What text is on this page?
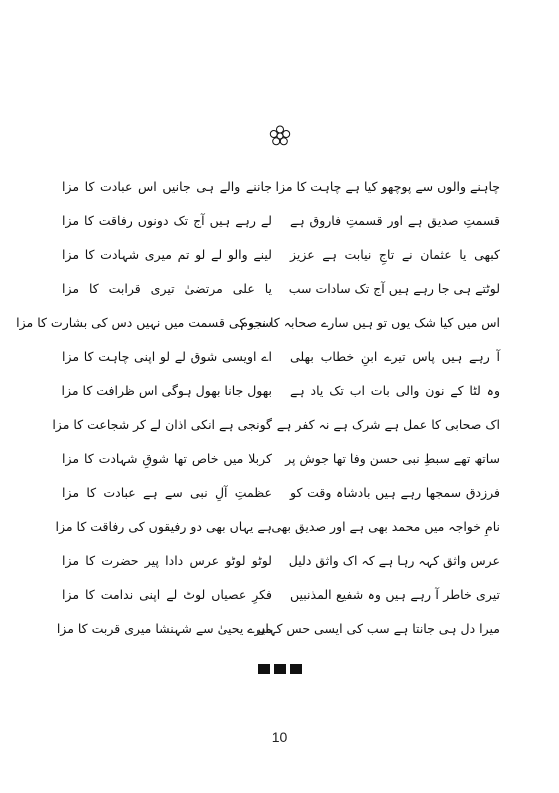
چاہنے والوں سے پوچھو کیا ہے چاہت کا مزا
قسمتِ صدیق ہے اور قسمتِ فاروق ہے
کبھی یا عثمان نے تاجِ نیابت ہے عزیز
لوٹتے ہی جا رہے ہیں آج تک سادات سب
اس میں کیا شک یوں تو ہیں سارے صحابہ کا نجوم
آ رہے ہیں پاس تیرے ابنِ خطاب بھلی
وہ لٹا کے نون والی بات اب تک یاد ہے
اک صحابی کا عمل ہے شرک ہے نہ کفر ہے
ساتھ تھے سبطِ نبی حسن وفا تھا جوش پر
فرزدق سمجھا رہے ہیں بادشاہ وقت کو
نامِ خواجہ میں محمد بھی ہے اور صدیق بھی
عرس واثق کہہ رہا ہے کہ اک واثق دلیل
تیری خاطر آ رہے ہیں وہ شفیع المذنبیں
میرا دل ہی جانتا ہے سب کی ایسی حس کہاں
جاننے والے ہی جانیں اس عبادت کا مزا
لے رہے ہیں آج تک دونوں رفاقت کا مزا
لینے والو لے لو تم میری شہادت کا مزا
یا علی مرتضیٰ تیری قرابت کا مزا
سب کی قسمت میں نہیں دس کی بشارت کا مزا
اے اویسی شوق لے لو اپنی چاہت کا مزا
بھول جانا بھول ہوگی اس ظرافت کا مزا
گونجی ہے انکی اذان لے کر شجاعت کا مزا
کربلا میں خاص تھا شوقِ شہادت کا مزا
عظمتِ آلِ نبی سے ہے عبادت کا مزا
ہے یہاں بھی دو رفیقوں کی رفاقت کا مزا
لوٹو لوٹو عرس دادا پیر حضرت کا مزا
فکرِ عصیاں لوٹ لے اپنی ندامت کا مزا
میرے یحییٰ سے شہنشا میری قربت کا مزا
10
